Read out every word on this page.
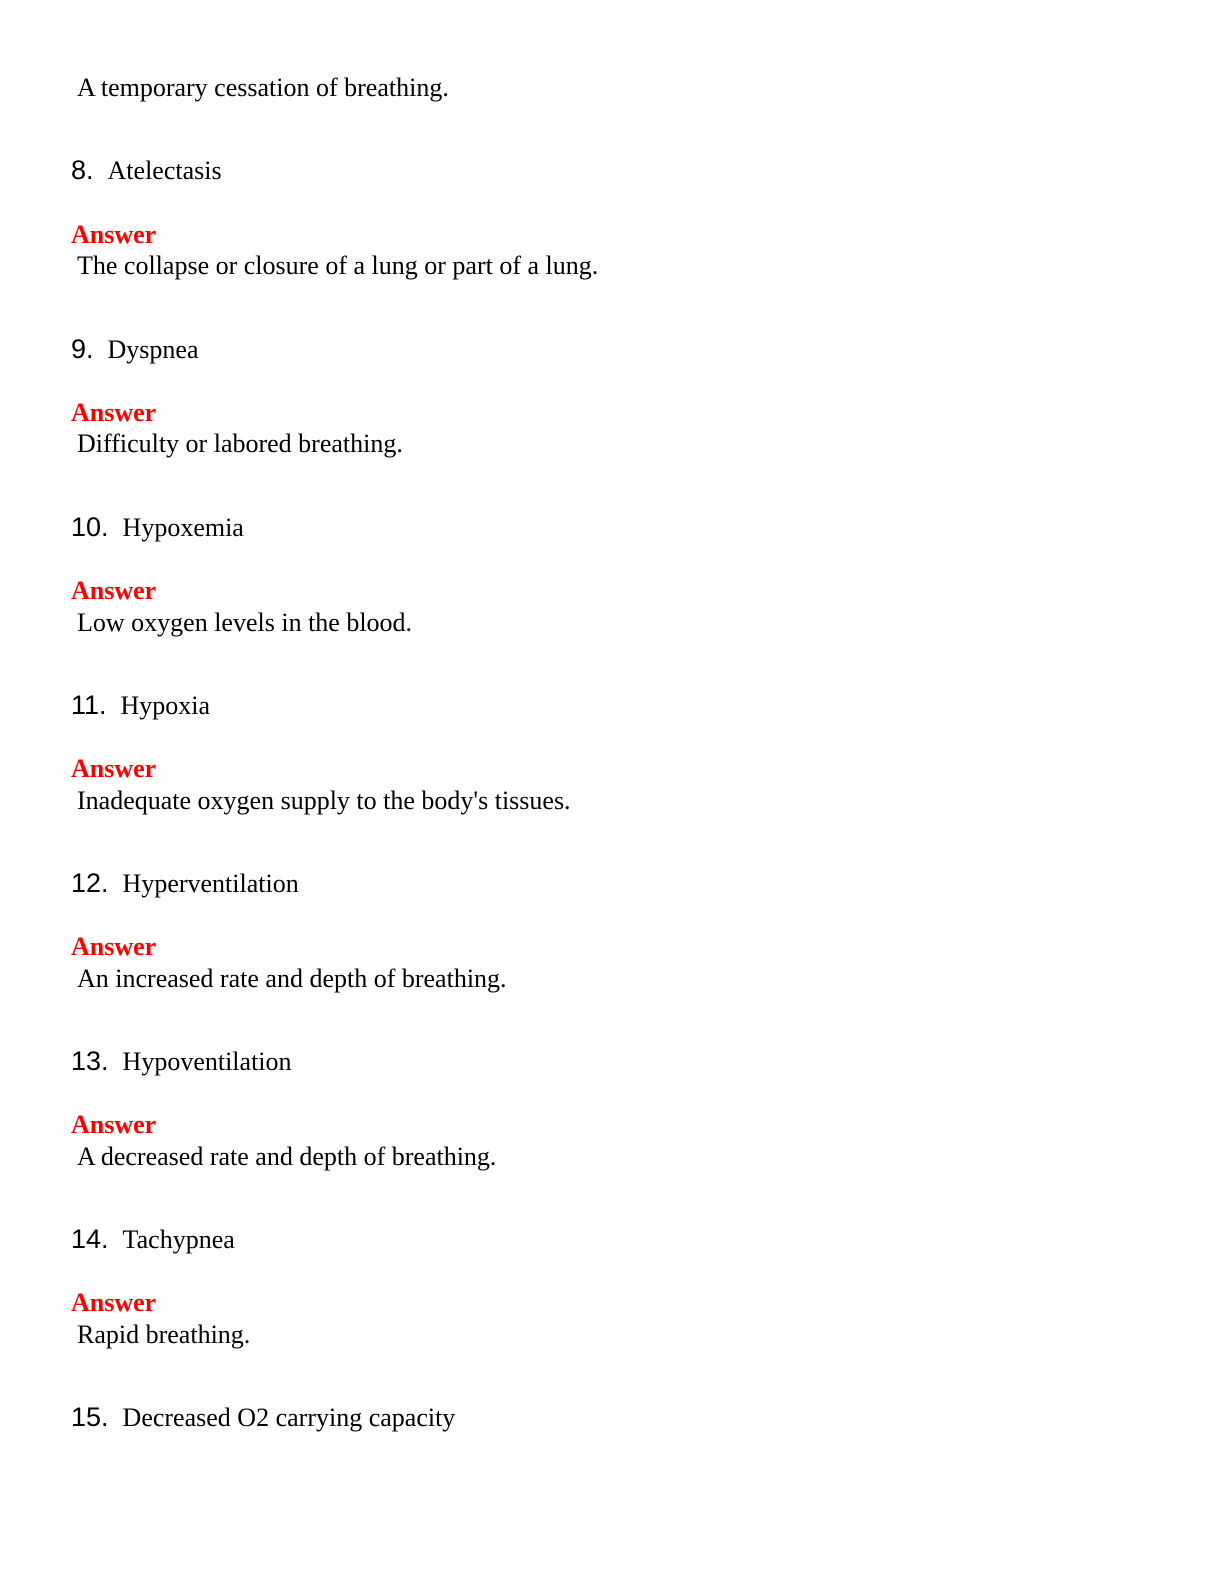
A temporary cessation of breathing.
8. Atelectasis
Answer
The collapse or closure of a lung or part of a lung.
9. Dyspnea
Answer
Difficulty or labored breathing.
10. Hypoxemia
Answer
Low oxygen levels in the blood.
11. Hypoxia
Answer
Inadequate oxygen supply to the body's tissues.
12. Hyperventilation
Answer
An increased rate and depth of breathing.
13. Hypoventilation
Answer
A decreased rate and depth of breathing.
14. Tachypnea
Answer
Rapid breathing.
15. Decreased O2 carrying capacity
